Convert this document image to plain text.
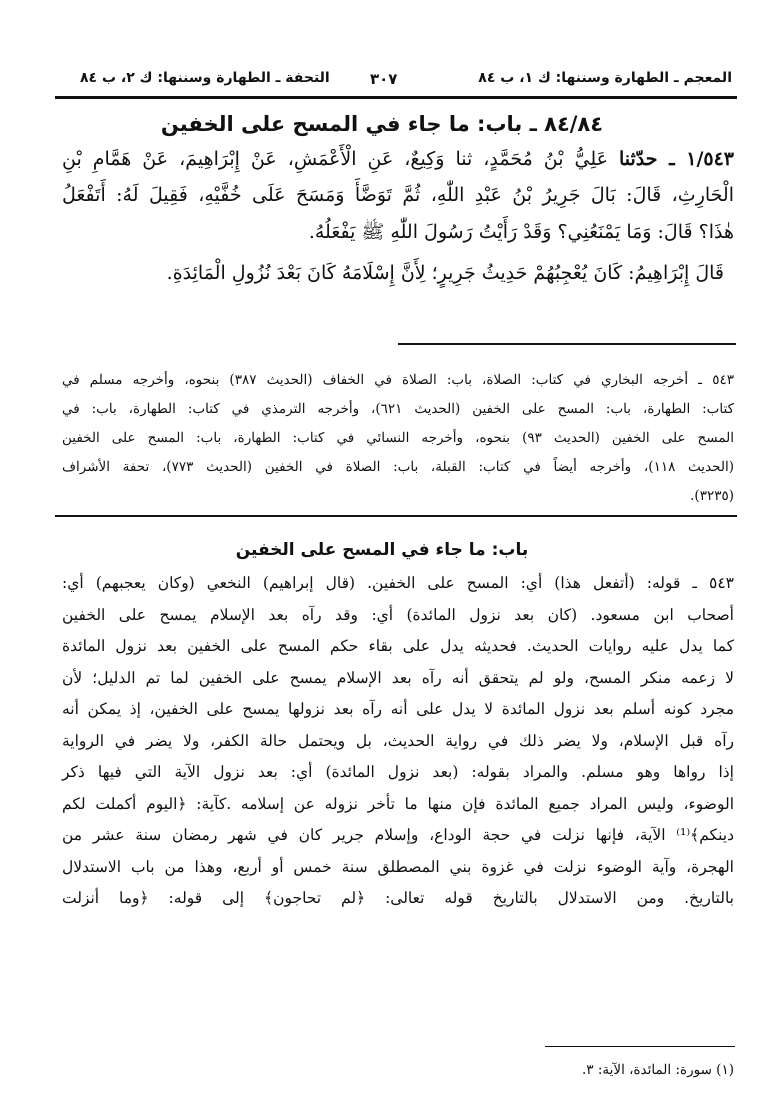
المعجم ـ الطهارة وسننها: ك ١، ب ٨٤
٣٠٧
التحفة ـ الطهارة وسننها: ك ٢، ب ٨٤
٨٤/٨٤ ـ باب: ما جاء في المسح على الخفين
١/٥٤٣ ـ حدّثنا عَلِيُّ بْنُ مُحَمَّدٍ، ثنا وَكِيعٌ، عَنِ الْأَعْمَشِ، عَنْ إِبْرَاهِيمَ، عَنْ هَمَّامِ بْنِ
الْحَارِثِ، قَالَ: بَالَ جَرِيرُ بْنُ عَبْدِ اللّٰهِ، ثُمَّ تَوَضَّأَ وَمَسَحَ عَلَى خُفَّيْهِ، فَقِيلَ لَهُ: أَتَفْعَلُ
هٰذَا؟ قَالَ: وَمَا يَمْنَعُنِي؟ وَقَدْ رَأَيْتُ رَسُولَ اللّٰهِ ﷺ يَفْعَلُهُ.
قَالَ إِبْرَاهِيمُ: كَانَ يُعْجِبُهُمْ حَدِيثُ جَرِيرٍ؛ لِأَنَّ إِسْلَامَهُ كَانَ بَعْدَ نُزُولِ الْمَائِدَةِ.
٥٤٣ ـ أخرجه البخاري في كتاب: الصلاة، باب: الصلاة في الخفاف (الحديث ٣٨٧) بنحوه، وأخرجه مسلم في
كتاب: الطهارة، باب: المسح على الخفين (الحديث ٦٢١)، وأخرجه الترمذي في كتاب: الطهارة، باب: في
المسح على الخفين (الحديث ٩٣) بنحوه، وأخرجه النسائي في كتاب: الطهارة، باب: المسح على الخفين
(الحديث ١١٨)، وأخرجه أيضاً في كتاب: القبلة، باب: الصلاة في الخفين (الحديث ٧٧٣)، تحفة الأشراف
(٣٢٣٥).
باب: ما جاء في المسح على الخفين
٥٤٣ ـ قوله: (أتفعل هذا) أي: المسح على الخفين. (قال إبراهيم) النخعي (وكان يعجبهم) أي:
أصحاب ابن مسعود. (كان بعد نزول المائدة) أي: وقد رآه بعد الإسلام يمسح على الخفين
كما يدل عليه روايات الحديث. فحديثه يدل على بقاء حكم المسح على الخفين بعد نزول المائدة
لا زعمه منكر المسح، ولو لم يتحقق أنه رآه بعد الإسلام يمسح على الخفين لما تم الدليل؛ لأن
مجرد كونه أسلم بعد نزول المائدة لا يدل على أنه رآه بعد نزولها يمسح على الخفين، إذ يمكن أنه
رآه قبل الإسلام، ولا يضر ذلك في رواية الحديث، بل ويحتمل حالة الكفر، ولا يضر في الرواية
إذا رواها وهو مسلم. والمراد بقوله: (بعد نزول المائدة) أي: بعد نزول الآية التي فيها ذكر
الوضوء، وليس المراد جميع المائدة فإن منها ما تأخر نزوله عن إسلامه .كآية: ﴿اليوم أكملت لكم
دينكم﴾⁽¹⁾ الآية، فإنها نزلت في حجة الوداع، وإسلام جرير كان في شهر رمضان سنة عشر من
الهجرة، وآية الوضوء نزلت في غزوة بني المصطلق سنة خمس أو أربع، وهذا من باب الاستدلال
بالتاريخ. ومن الاستدلال بالتاريخ قوله تعالى: ﴿لم تحاجون﴾ إلى قوله: ﴿وما أنزلت
(١) سورة: المائدة، الآية: ٣.
